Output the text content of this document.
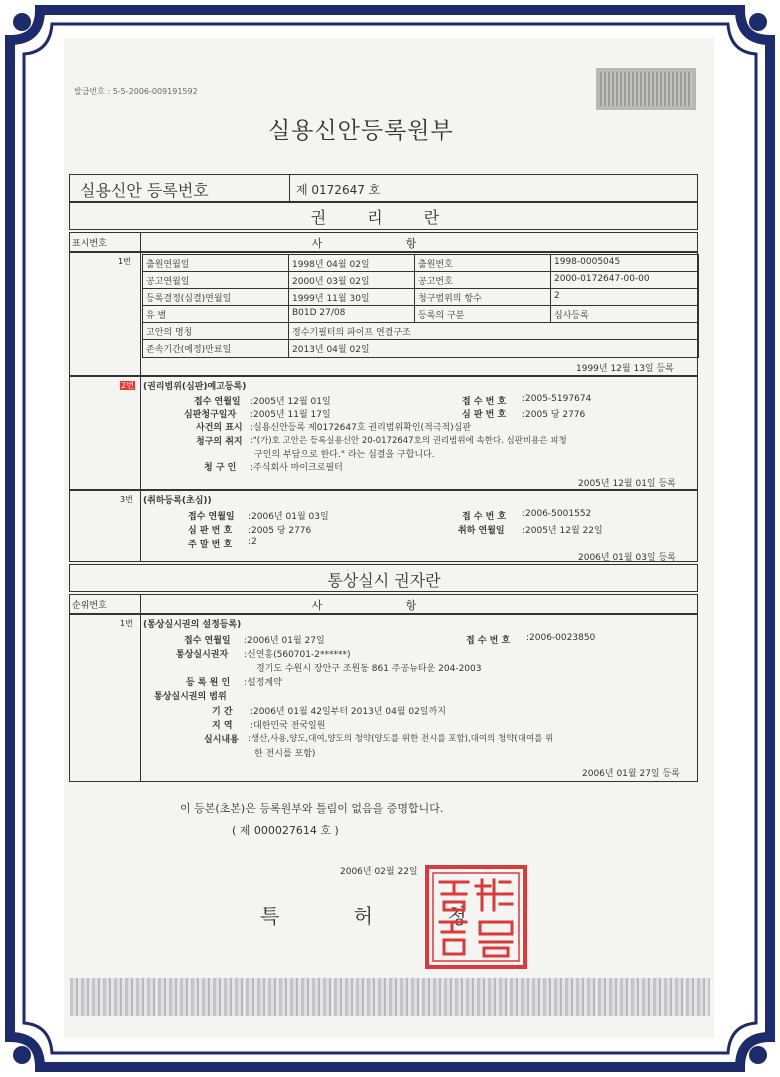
발급번호 : 5-5-2006-009191592
실용신안등록원부
실용신안 등록번호	제 0172647 호
권 리 란
표시번호	사 항
1번 출원연월일	1998년 04월 02일	출원번호	1998-0005045
공고연월일	2000년 03월 02일	공고번호	2000-0172647-00-00
등록결정(심결)연월일	1999년 11월 30일	청구범위의 항수	2
유 별	B01D 27/08	등록의 구분	심사등록
고안의 명칭	정수기필터의 파이프 연결구조
존속기간(예정)만료일	2013년 04월 02일
1999년 12월 13일 등록
2번 (권리범위(심판)예고등록)
접수 연월일 :2005년 12월 01일	접 수 번 호 :2005-5197674
심판청구일자 :2005년 11월 17일	심 판 번 호 :2005 당 2776
사건의 표시 :실용신안등록 제0172647호 권리범위확인(적극적)심판
청구의 취지 :"(가)호 고안은 등록실용신안 20-0172647호의 권리범위에 속한다. 심판비용은 피청
구인의 부담으로 한다." 라는 심결을 구합니다.
청 구 인 :주식회사 마이크로필터
2005년 12월 01일 등록
3번 (취하등록(초심))
접수 연월일 :2006년 01월 03일	접 수 번 호 :2006-5001552
심 판 번 호 :2005 당 2776	취하 연월일 :2005년 12월 22일
주 말 번 호 :2
2006년 01월 03일 등록
통상실시 권자란
순위번호	사 항
1번 (통상실시권의 설정등록)
접수 연월일 :2006년 01월 27일	접 수 번 호 :2006-0023850
통상실시권자 :신연흥(560701-2******)
경기도 수원시 장안구 조원동 861 주공뉴타운 204-2003
등 록 원 인 :설정계약
통상실시권의 범위
기 간 :2006년 01월 42일부터 2013년 04월 02일까지
지 역 :대한민국 전국일원
실시내용 :생산,사용,양도,대여,양도의 청약(양도를 위한 전시를 포함),대여의 청약(대여를 위
한 전시를 포함)
2006년 01월 27일 등록
이 등본(초본)은 등록원부와 틀림이 없음을 증명합니다.
( 제 000027614 호 )
2006년 02월 22일
특 허 청
